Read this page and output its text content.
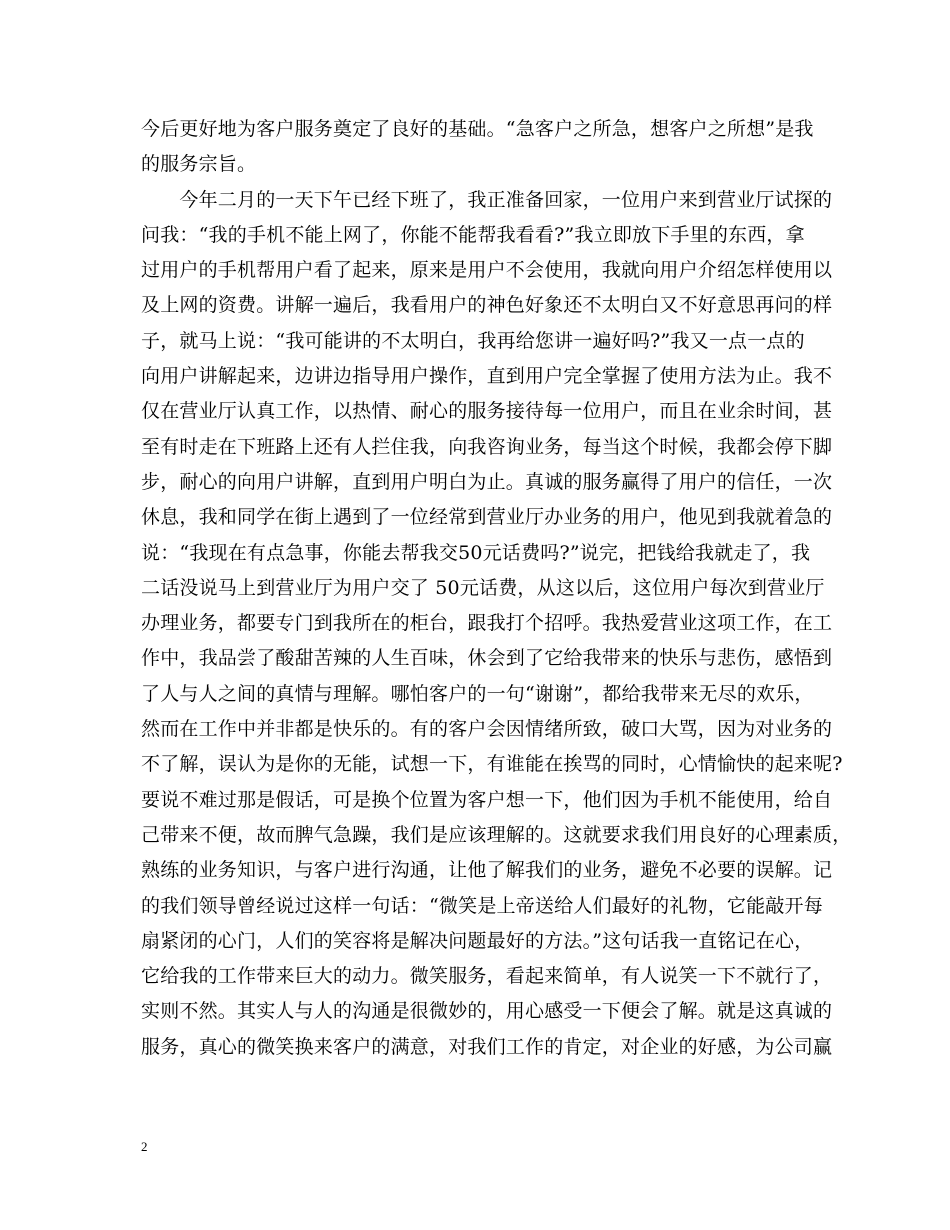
今后更好地为客户服务奠定了良好的基础。“急客户之所急，想客户之所想”是我
的服务宗旨。
　　今年二月的一天下午已经下班了，我正准备回家，一位用户来到营业厅试探的
问我：“我的手机不能上网了，你能不能帮我看看?”我立即放下手里的东西，拿
过用户的手机帮用户看了起来，原来是用户不会使用，我就向用户介绍怎样使用以
及上网的资费。讲解一遍后，我看用户的神色好象还不太明白又不好意思再问的样
子，就马上说：“我可能讲的不太明白，我再给您讲一遍好吗?”我又一点一点的
向用户讲解起来，边讲边指导用户操作，直到用户完全掌握了使用方法为止。我不
仅在营业厅认真工作，以热情、耐心的服务接待每一位用户，而且在业余时间，甚
至有时走在下班路上还有人拦住我，向我咨询业务，每当这个时候，我都会停下脚
步，耐心的向用户讲解，直到用户明白为止。真诚的服务赢得了用户的信任，一次
休息，我和同学在街上遇到了一位经常到营业厅办业务的用户，他见到我就着急的
说：“我现在有点急事，你能去帮我交50元话费吗?”说完，把钱给我就走了，我
二话没说马上到营业厅为用户交了 50元话费，从这以后，这位用户每次到营业厅
办理业务，都要专门到我所在的柜台，跟我打个招呼。我热爱营业这项工作，在工
作中，我品尝了酸甜苦辣的人生百味，休会到了它给我带来的快乐与悲伤，感悟到
了人与人之间的真情与理解。哪怕客户的一句“谢谢”，都给我带来无尽的欢乐，
然而在工作中并非都是快乐的。有的客户会因情绪所致，破口大骂，因为对业务的
不了解，误认为是你的无能，试想一下，有谁能在挨骂的同时，心情愉快的起来呢?
要说不难过那是假话，可是换个位置为客户想一下，他们因为手机不能使用，给自
己带来不便，故而脾气急躁，我们是应该理解的。这就要求我们用良好的心理素质，
熟练的业务知识，与客户进行沟通，让他了解我们的业务，避免不必要的误解。记
的我们领导曾经说过这样一句话：“微笑是上帝送给人们最好的礼物，它能敲开每
扇紧闭的心门，人们的笑容将是解决问题最好的方法。”这句话我一直铭记在心，
它给我的工作带来巨大的动力。微笑服务，看起来简单，有人说笑一下不就行了，
实则不然。其实人与人的沟通是很微妙的，用心感受一下便会了解。就是这真诚的
服务，真心的微笑换来客户的满意，对我们工作的肯定，对企业的好感，为公司赢
2
